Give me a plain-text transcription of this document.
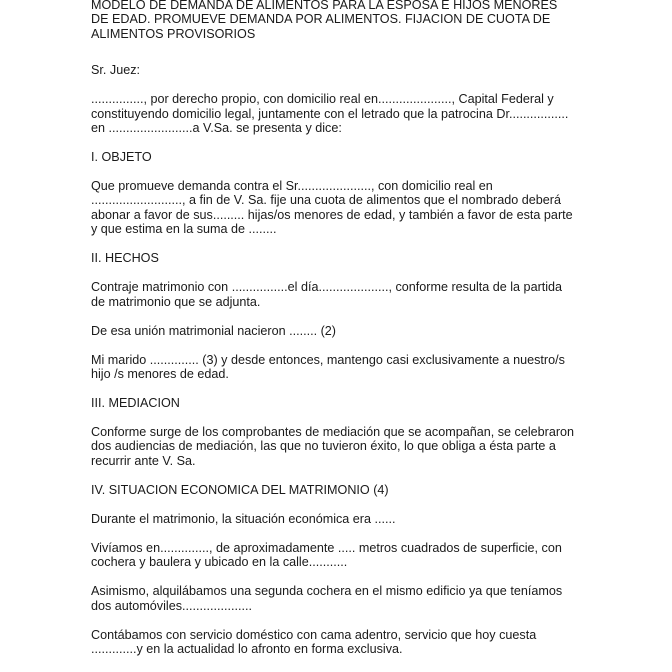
MODELO DE DEMANDA DE ALIMENTOS PARA LA ESPOSA E HIJOS MENORES
DE EDAD. PROMUEVE DEMANDA POR ALIMENTOS. FIJACION DE CUOTA DE
ALIMENTOS PROVISORIOS

Sr. Juez:

..............., por derecho propio, con domicilio real en....................., Capital Federal y
constituyendo domicilio legal, juntamente con el letrado que la patrocina Dr.................
en ........................a V.Sa. se presenta y dice:

I. OBJETO

Que promueve demanda contra el Sr....................., con domicilio real en
.........................., a fin de V. Sa. fije una cuota de alimentos que el nombrado deberá
abonar a favor de sus......... hijas/os menores de edad, y también a favor de esta parte
y que estima en la suma de ........

II. HECHOS

Contraje matrimonio con ................el día...................., conforme resulta de la partida
de matrimonio que se adjunta.

De esa unión matrimonial nacieron ........ (2)

Mi marido .............. (3) y desde entonces, mantengo casi exclusivamente a nuestro/s
hijo /s menores de edad.

III. MEDIACION

Conforme surge de los comprobantes de mediación que se acompañan, se celebraron
dos audiencias de mediación, las que no tuvieron éxito, lo que obliga a ésta parte a
recurrir ante V. Sa.

IV. SITUACION ECONOMICA DEL MATRIMONIO (4)

Durante el matrimonio, la situación económica era ......

Vivíamos en.............., de aproximadamente ..... metros cuadrados de superficie, con
cochera y baulera y ubicado en la calle...........

Asimismo, alquilábamos una segunda cochera en el mismo edificio ya que teníamos
dos automóviles....................

Contábamos con servicio doméstico con cama adentro, servicio que hoy cuesta
.............y en la actualidad lo afronto en forma exclusiva.
